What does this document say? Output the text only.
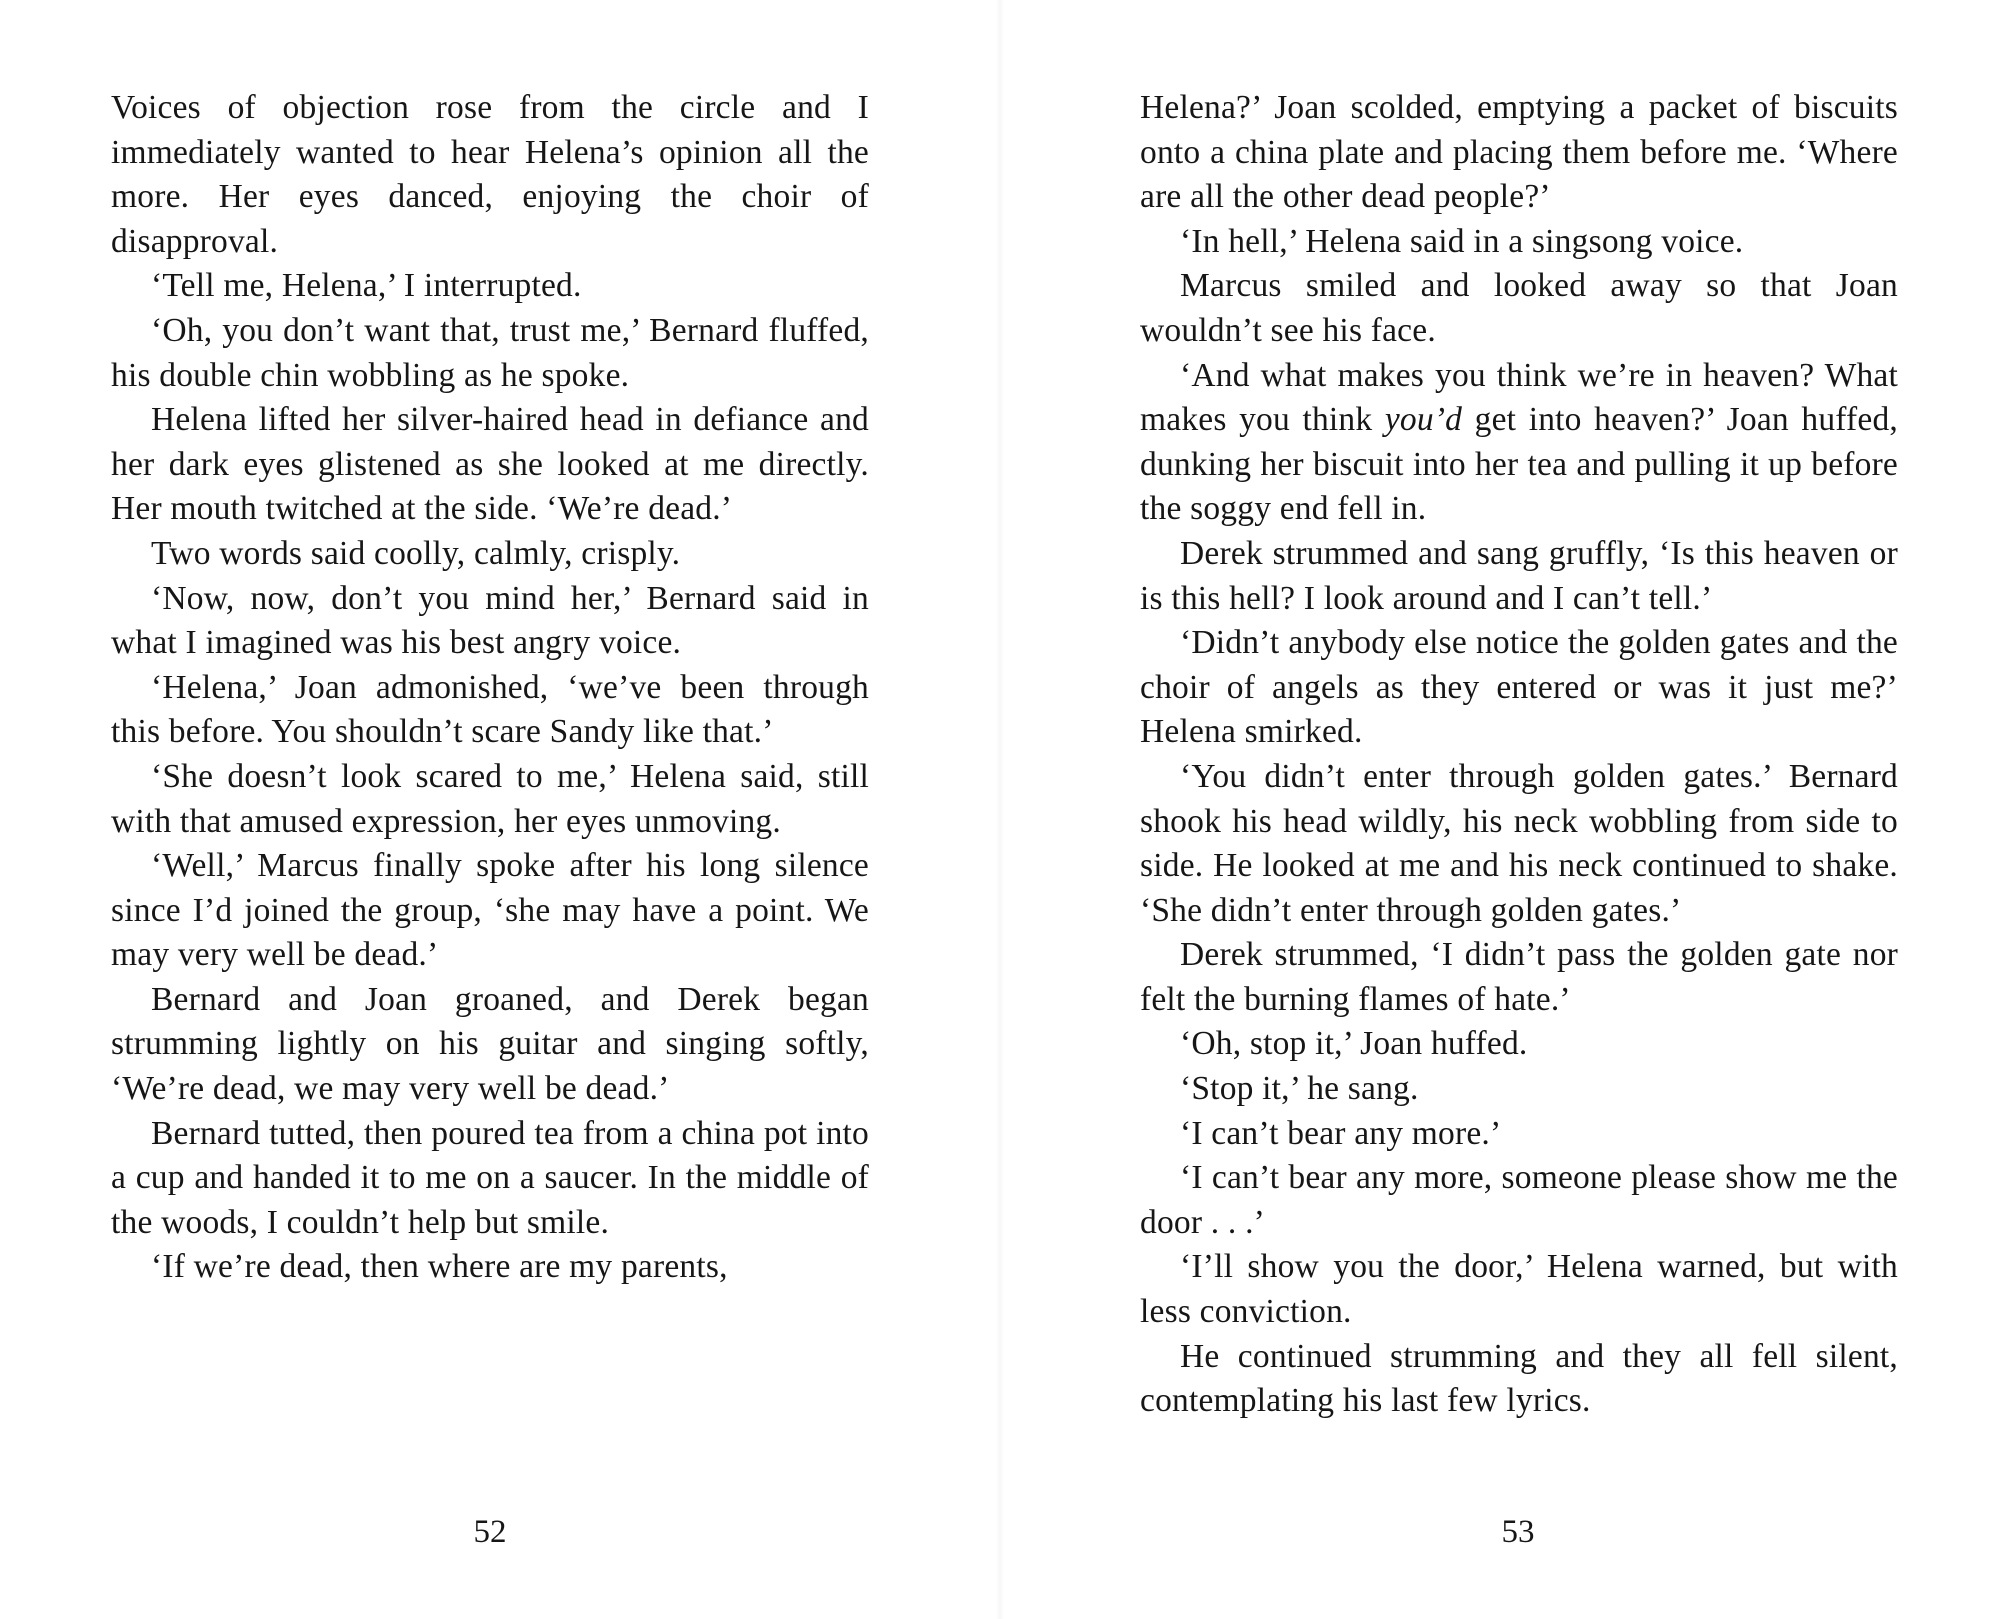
Voices of objection rose from the circle and I immediately wanted to hear Helena’s opinion all the more. Her eyes danced, enjoying the choir of disapproval.

‘Tell me, Helena,’ I interrupted.

‘Oh, you don’t want that, trust me,’ Bernard fluffed, his double chin wobbling as he spoke.

Helena lifted her silver-haired head in defiance and her dark eyes glistened as she looked at me directly. Her mouth twitched at the side. ‘We’re dead.’

Two words said coolly, calmly, crisply.

‘Now, now, don’t you mind her,’ Bernard said in what I imagined was his best angry voice.

‘Helena,’ Joan admonished, ‘we’ve been through this before. You shouldn’t scare Sandy like that.’

‘She doesn’t look scared to me,’ Helena said, still with that amused expression, her eyes unmoving.

‘Well,’ Marcus finally spoke after his long silence since I’d joined the group, ‘she may have a point. We may very well be dead.’

Bernard and Joan groaned, and Derek began strumming lightly on his guitar and singing softly, ‘We’re dead, we may very well be dead.’

Bernard tutted, then poured tea from a china pot into a cup and handed it to me on a saucer. In the middle of the woods, I couldn’t help but smile.

‘If we’re dead, then where are my parents,

52

Helena?’ Joan scolded, emptying a packet of biscuits onto a china plate and placing them before me. ‘Where are all the other dead people?’

‘In hell,’ Helena said in a singsong voice.

Marcus smiled and looked away so that Joan wouldn’t see his face.

‘And what makes you think we’re in heaven? What makes you think you’d get into heaven?’ Joan huffed, dunking her biscuit into her tea and pulling it up before the soggy end fell in.

Derek strummed and sang gruffly, ‘Is this heaven or is this hell? I look around and I can’t tell.’

‘Didn’t anybody else notice the golden gates and the choir of angels as they entered or was it just me?’ Helena smirked.

‘You didn’t enter through golden gates.’ Bernard shook his head wildly, his neck wobbling from side to side. He looked at me and his neck continued to shake. ‘She didn’t enter through golden gates.’

Derek strummed, ‘I didn’t pass the golden gate nor felt the burning flames of hate.’

‘Oh, stop it,’ Joan huffed.

‘Stop it,’ he sang.

‘I can’t bear any more.’

‘I can’t bear any more, someone please show me the door . . .’

‘I’ll show you the door,’ Helena warned, but with less conviction.

He continued strumming and they all fell silent, contemplating his last few lyrics.

53
